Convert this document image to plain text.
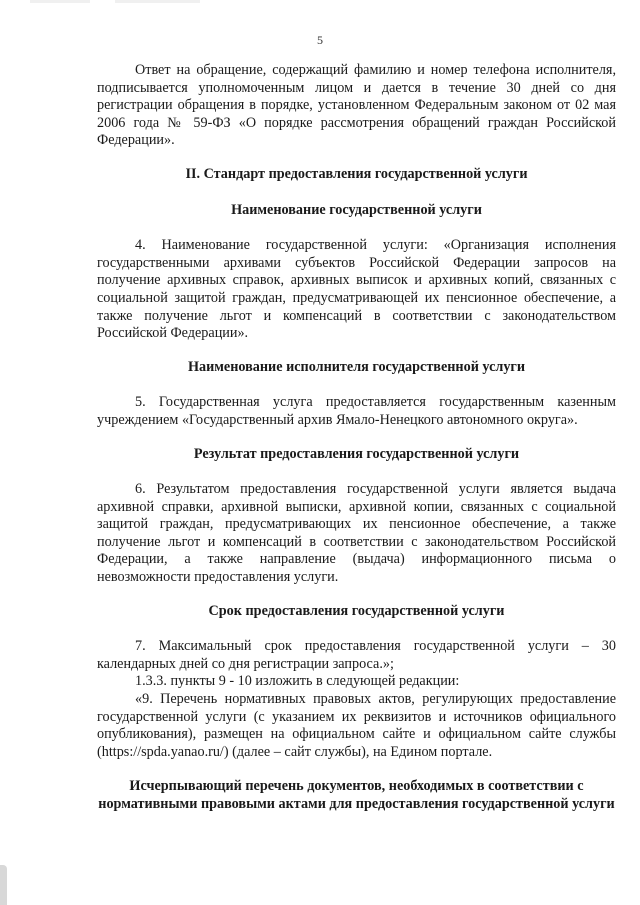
5

Ответ на обращение, содержащий фамилию и номер телефона исполнителя, подписывается уполномоченным лицом и дается в течение 30 дней со дня регистрации обращения в порядке, установленном Федеральным законом от 02 мая 2006 года № 59-ФЗ «О порядке рассмотрения обращений граждан Российской Федерации».

II. Стандарт предоставления государственной услуги

Наименование государственной услуги

4. Наименование государственной услуги: «Организация исполнения государственными архивами субъектов Российской Федерации запросов на получение архивных справок, архивных выписок и архивных копий, связанных с социальной защитой граждан, предусматривающей их пенсионное обеспечение, а также получение льгот и компенсаций в соответствии с законодательством Российской Федерации».

Наименование исполнителя государственной услуги

5. Государственная услуга предоставляется государственным казенным учреждением «Государственный архив Ямало-Ненецкого автономного округа».

Результат предоставления государственной услуги

6. Результатом предоставления государственной услуги является выдача архивной справки, архивной выписки, архивной копии, связанных с социальной защитой граждан, предусматривающих их пенсионное обеспечение, а также получение льгот и компенсаций в соответствии с законодательством Российской Федерации, а также направление (выдача) информационного письма о невозможности предоставления услуги.

Срок предоставления государственной услуги

7. Максимальный срок предоставления государственной услуги – 30 календарных дней со дня регистрации запроса.»;

1.3.3. пункты 9 - 10 изложить в следующей редакции:

«9. Перечень нормативных правовых актов, регулирующих предоставление государственной услуги (с указанием их реквизитов и источников официального опубликования), размещен на официальном сайте и официальном сайте службы (https://spda.yanao.ru/) (далее – сайт службы), на Едином портале.

Исчерпывающий перечень документов, необходимых в соответствии с нормативными правовыми актами для предоставления государственной услуги
